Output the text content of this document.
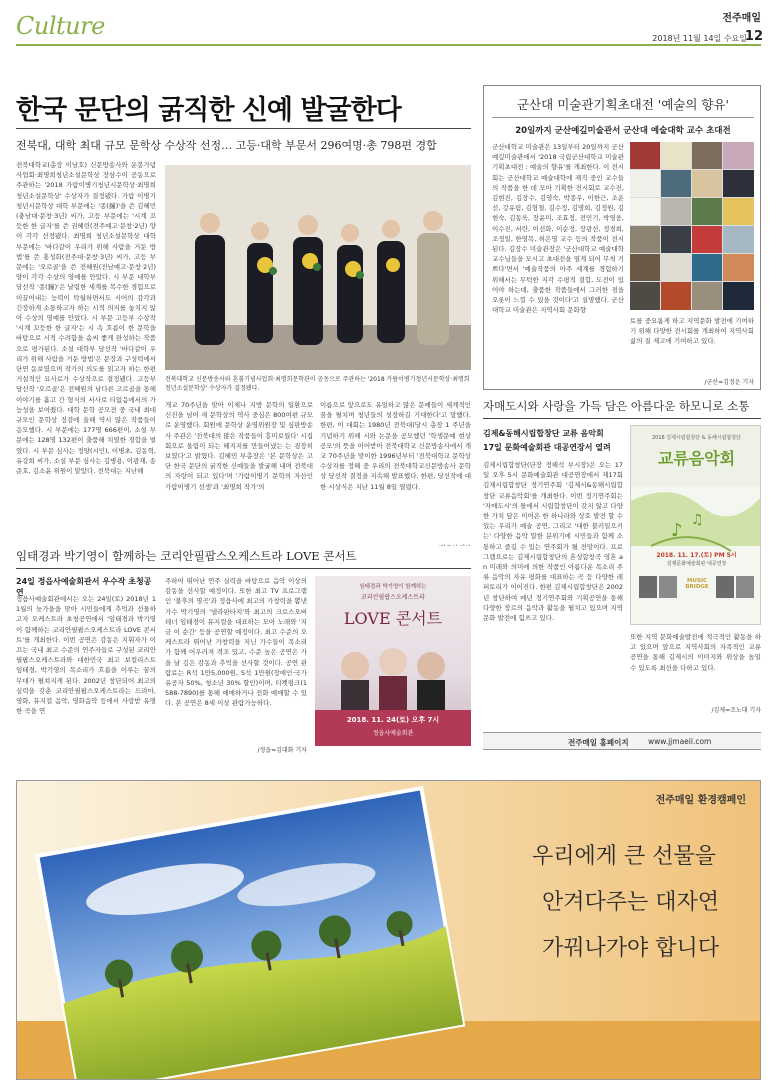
Culture	전주매일
2018년 11월 14일 수요일
12
한국 문단의 굵직한 신예 발굴한다
전북대, 대학 최대 규모 문학상 수상작 선정… 고등·대학 부문서 296여명·총 798편 경합
전북대학교(총장 이남호) 신문방송사와 운봉가념사업회·최명희청년소설문학상 장삼수이 공동으로 주관하는 '2018 가람이병기청년시문학상·최명희청년소설문학상' 수상자가 결정됐다. 가람 이병기청년시문학상 대학 부문에는 '종(鐘)'을 쓴 김혜민(충남대·문창·3년) 씨가, 고등 부문에는 '시계 꼬듯한 한 글자'를 쓴 권혜린(전주예고·문창·2년) 양이 각각 선정됐다. 최명희 청년소설문학상 대학 부문에는 '바다같이 우리가 위해 사람을 거둔 방법'를 쓴 홍성화(전주대·문창·3년) 씨가, 고등 부문에는 '오르골'을 쓴 전혜원(전남예고·문창·2년) 양이 각각 수상의 영예를 안았다. 시 부문 대학부 당선작 '종(鐘)'은 날렵한 세계를 복수한 경험으로 이끌어내는 능력이 탁월하면서도 시어의 감각과 긴장하게 소통하고자 하는 시적 의지를 놓치지 않아 수상의 영예를 안았다. 시 부문 고등부 수상작 '시계 꼬듯한 한 글자'는 시 속 흐름이 한 문학을 바탕으로 시적 수려함을 솜씨 좋게 완성하는 작품으로 평가된다. 소설 대학부 당선작 '바다같이 우리가 위해 사람을 거둔 방법'은 문장과 구성력에서 단연 돋보였으며 작가의 의도를 읽고자 하는 한편 거설적인 묘사로가 수상작으로 결정됐다. 고등부 당선작 '오르골'은 전혜원의 남다른 고르골을 통해 이야기를 흘고 간 형식의 서사로 티없음에서의 가능성을 보여줬다. 대학 문학 공모전 중 국내 최대 규모인 문학상 징검에 올해 역시 많은 작품들이 응모했다. 시 부문에는 177명 666편이, 소설 부문에는 128명 132편이 출품해 치열한 경합을 벌였다. 시 부문 심사는 정양(시인), 이병초, 김동혁, 유강희 씨가, 소설 부문 심사는 김병용, 이광재, 송준호, 김소윤 위원이 맡았다. 전북대는 지난해
전북대학교 신문방송사와 혼불기념사업회·최명희문학관이 공동으로 주관하는 '2018 가람이병기청년시문학상·최명희청년소설문학상' 수상자가 결정됐다.
개교 70주년을 맞아 이제나 지방 문학의 일환으로 신진을 넘어 새 문학상의 역사 중심은 800여편 규모로 운영했다. 회원에 문학상 운영위원장 및 심판방송사 주관은 '전북대의 많은 작품들이 흥미로웠다' 시집회으로 올림이 되는 헤지지를 만들어냈는 는 굉장히 보였다'고 밝혔다. 김혜민 부총장은 '본 문학상은 고단 한국 문단의 굵직한 신예들을 발굴해 내며 전북대의 자랑이 되고 있다'며 '가람이병기 문학의 자산인 가람이병기 선생'과 '최명희 작가'의
이름으로 앞으로도 유일하고 많은 문예들이 세계적인 꿈을 펼치며 청년들의 성장하길 기대한다'고 말했다. 한편, 이 대회는 1980년 전북대(당시 총장 1 주년을 기념하기 위해 시와 논문을 공모했던 '학생문예 현상공모'의 뜻을 이어받아 전북대학교 신문방송사에서 개교 70주년을 맞이한 1996년부터 '전북대학교 문학상 수상자를 정해 중 우리의 전북대학교신문방송사 문학상 당선작 결정을 지속해 발표했다. 한편, 당선작에 대한 시상식은 지난 11월 8일 열렸다.
군산대 미술관기획초대전 '예술의 향유'
20일까지 군산예깊미술관서 군산대 예술대학 교수 초대전
군산대학교 미술관은 13일부터 20일까지 군산예깊미술관에서 '2018 국립군산대학교 미술관기획초대전 : 예술의 향유'를 개최한다. 이 전시회는 군산대학교 예술대학에 재직 중인 교수들의 작품을 한 데 모아 기획한 전시회로 교수진, 김현진, 김장수, 김영숙, 박종우, 이한근, 조운선, 강유림, 김형철, 김수정, 김명희, 김정원, 김현숙, 김동욱, 장윤미, 조효정, 전민기, 박영웅, 이수진, 서란, 이선화, 이순정, 장광선, 정경희, 조정일, 한영목, 허은영 교수 등의 작품이 전시된다. 김장수 미술관장은 '군산대학교 예술대학 교수님들을 모시고 초대전을 열게 되어 무척 기쁘다'면서 '예술작품의 아주 세계를 경험하기 위해서는 무턱한 지각 수평적 결합, 도전이 있어야 하는데, 출품한 작품들에서 그러한 점을 오롯이 느낄 수 있을 것이다'고 설명했다. 군산대학교 미술관은 지역사회 문화향
토를 중요롭게 하고 지역문화 발전에 기여하기 위해 다양한 전시회를 개최하여 지역사회 삶의 질 제고에 기여하고 있다.
/군산=김정운 기자
자매도시와 사랑을 가득 담은 아름다운 하모니로 소통
김제&동해시립합창단 교류 음악회
17일 문화예술회관 대공연장서 열려
김제시립합창단(단장 정해석 부시장)은 오는 17일 오후 5시 문화예술회관 대공연장에서 제17회 김제시립합창단 정기연주회 '김제시&동해시립합창단 교류음악회'를 개최한다. 이번 정기연주회는 '자매도시'의 틀에서 시립합창단이 갖지 않고 다양한 가치 담은 이어온 한 하나라와 상호 발전 할 수 있는 우리가 예술 공연, 그리고 '대한 불러일으키는' 다양한 음악 말한 분위기에 시민들과 함께 소통하고 즐길 수 있는 연주회가 될 전망이다. 프로그램으로는 김제시립합창단의 혼성합창곡 영혼 an 미래와 의미에 의한 작품인 아름다운 목소리 주류 음악의 자유 평화를 대표하는 곡 등 다양한 레퍼토리가 이어진다. 한편 김제시립합창단은 2002년 창단하여 매년 정기연주회와 기획공연을 통해 다양한 장르의 음악과 활동을 펼치고 있으며 지역 문화 발전에 힘쓰고 있다.
♪ ♫
2018 김제시립합창단 & 동해시립합창단
교류음악회
2018. 11. 17.(토) PM 5시
김제문화예술회관 대공연장
MUSIC BRIDGE
또한 지역 문화예술발전에 적극적인 활동을 하고 있으며 앞으로 지역사회의 자족적인 교류 공연을 통해 김제시의 이미지와 위상을 높일 수 있도록 최선을 다하고 있다.
/김제=조노대 기자
임태경과 박기영이 함께하는 코리안필팝스오케스트라 LOVE 콘서트
24일 정읍사예술회관서 우수작 초청공연
정읍사예술회관에서는 오는 24일(토) 2018년 11월의 늦가을을 맞아 시민들에게 추억과 선물하고자 오케스트라 초청공연에서 '임태경과 박기영이 함께하는 코리안필팝스오케스트라 LOVE 콘서트'를 개최한다. 이번 공연은 감동은 지휘자가 이끄는 국내 최고 수준의 연주자들로 구성된 코리안필팝스오케스트라와 대한민국 최고 보컬리스트 임태경, 박기영의 목소리가 흐름을 이루는 꿈의 무대가 펼쳐지게 된다. 2002년 창단되어 최고의 실력을 갖춘 코리안필팝스오케스트라는 드라마, 영화, 뮤지컬 음악, 영화음악 등에서 사랑받 유명한 곡을 연
주하여 뛰어난 연주 실력을 바탕으로 음악 이상의 감동을 선사할 예정이다. 또한 최고 TV 프로그램인 '불후의 명곡'과 정읍사에 최고의 가창력을 뽐낸 가수 박기영의 '넬라판타지'와 최고의 크로스오버 테너 임태경이 뮤지컬을 대표하는 모아 노래와 '지금 이 순간' 등을 공연할 예정이다. 최고 수준의 오케스트라 뛰어난 가창력을 지닌 가수들이 목소리가 함께 어우러져 격조 있고, 수준 높은 공연은 가을 날 깊은 감동과 추억을 선사할 것이다. 공연 관람료는 R석 1만5,000원, S석 1만원(장애인·국가유공자 50%, 청소년 30% 할인)이며, 티켓링크(1588-7890)를 통해 예매하거나 전화 예매할 수 있다. 본 공연은 8세 이상 관람가능하다.
/정읍=김대화 기자
임태경과 박기영이 함께하는
코리안필팝스오케스트라
LOVE 콘서트
2018. 11. 24(토) 오후 7시
정읍사예술회관
전주매일 홈페이지	www.jjmaeil.com
전주매일 환경캠페인
우리에게 큰 선물을
안겨다주는 대자연
가꿔나가야 합니다
